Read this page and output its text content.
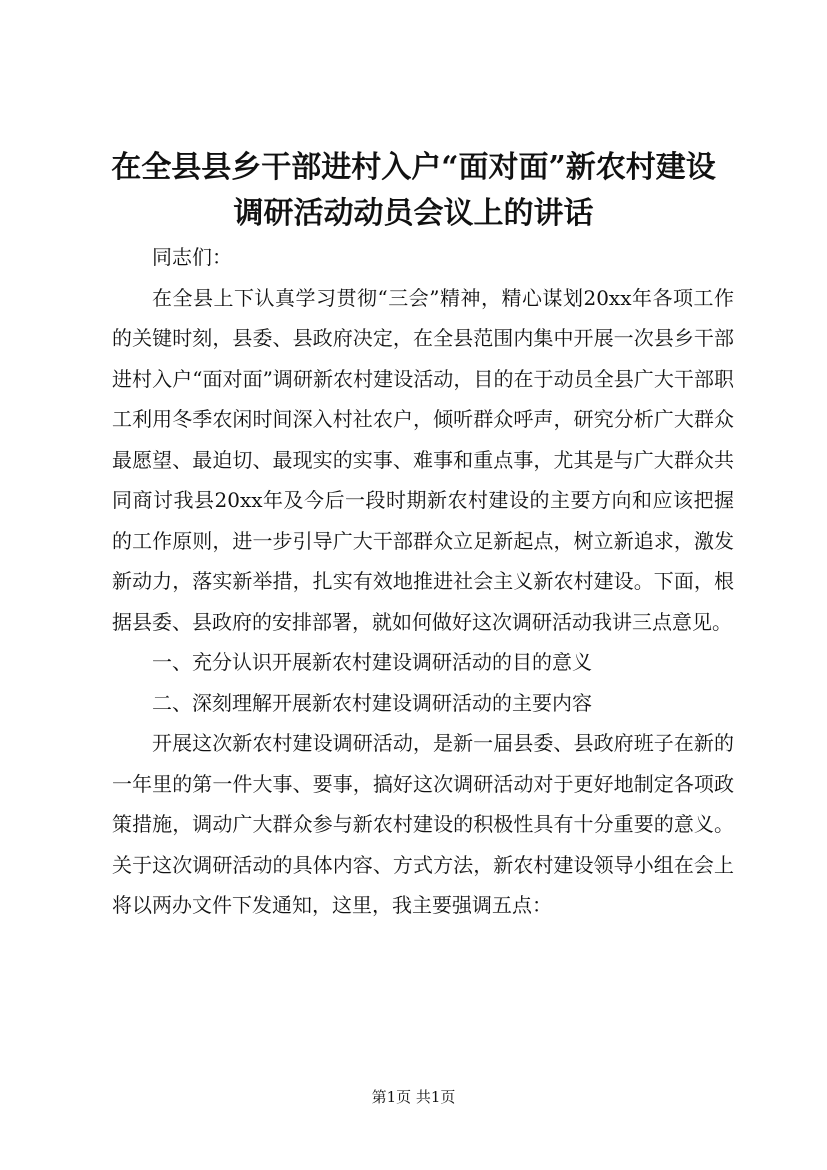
在全县县乡干部进村入户“面对面”新农村建设调研活动动员会议上的讲话

同志们：

在全县上下认真学习贯彻“三会”精神，精心谋划20xx年各项工作的关键时刻，县委、县政府决定，在全县范围内集中开展一次县乡干部进村入户“面对面”调研新农村建设活动，目的在于动员全县广大干部职工利用冬季农闲时间深入村社农户，倾听群众呼声，研究分析广大群众最愿望、最迫切、最现实的实事、难事和重点事，尤其是与广大群众共同商讨我县20xx年及今后一段时期新农村建设的主要方向和应该把握的工作原则，进一步引导广大干部群众立足新起点，树立新追求，激发新动力，落实新举措，扎实有效地推进社会主义新农村建设。下面，根据县委、县政府的安排部署，就如何做好这次调研活动我讲三点意见。

一、充分认识开展新农村建设调研活动的目的意义

二、深刻理解开展新农村建设调研活动的主要内容

开展这次新农村建设调研活动，是新一届县委、县政府班子在新的一年里的第一件大事、要事，搞好这次调研活动对于更好地制定各项政策措施，调动广大群众参与新农村建设的积极性具有十分重要的意义。关于这次调研活动的具体内容、方式方法，新农村建设领导小组在会上将以两办文件下发通知，这里，我主要强调五点：

第1页 共1页
